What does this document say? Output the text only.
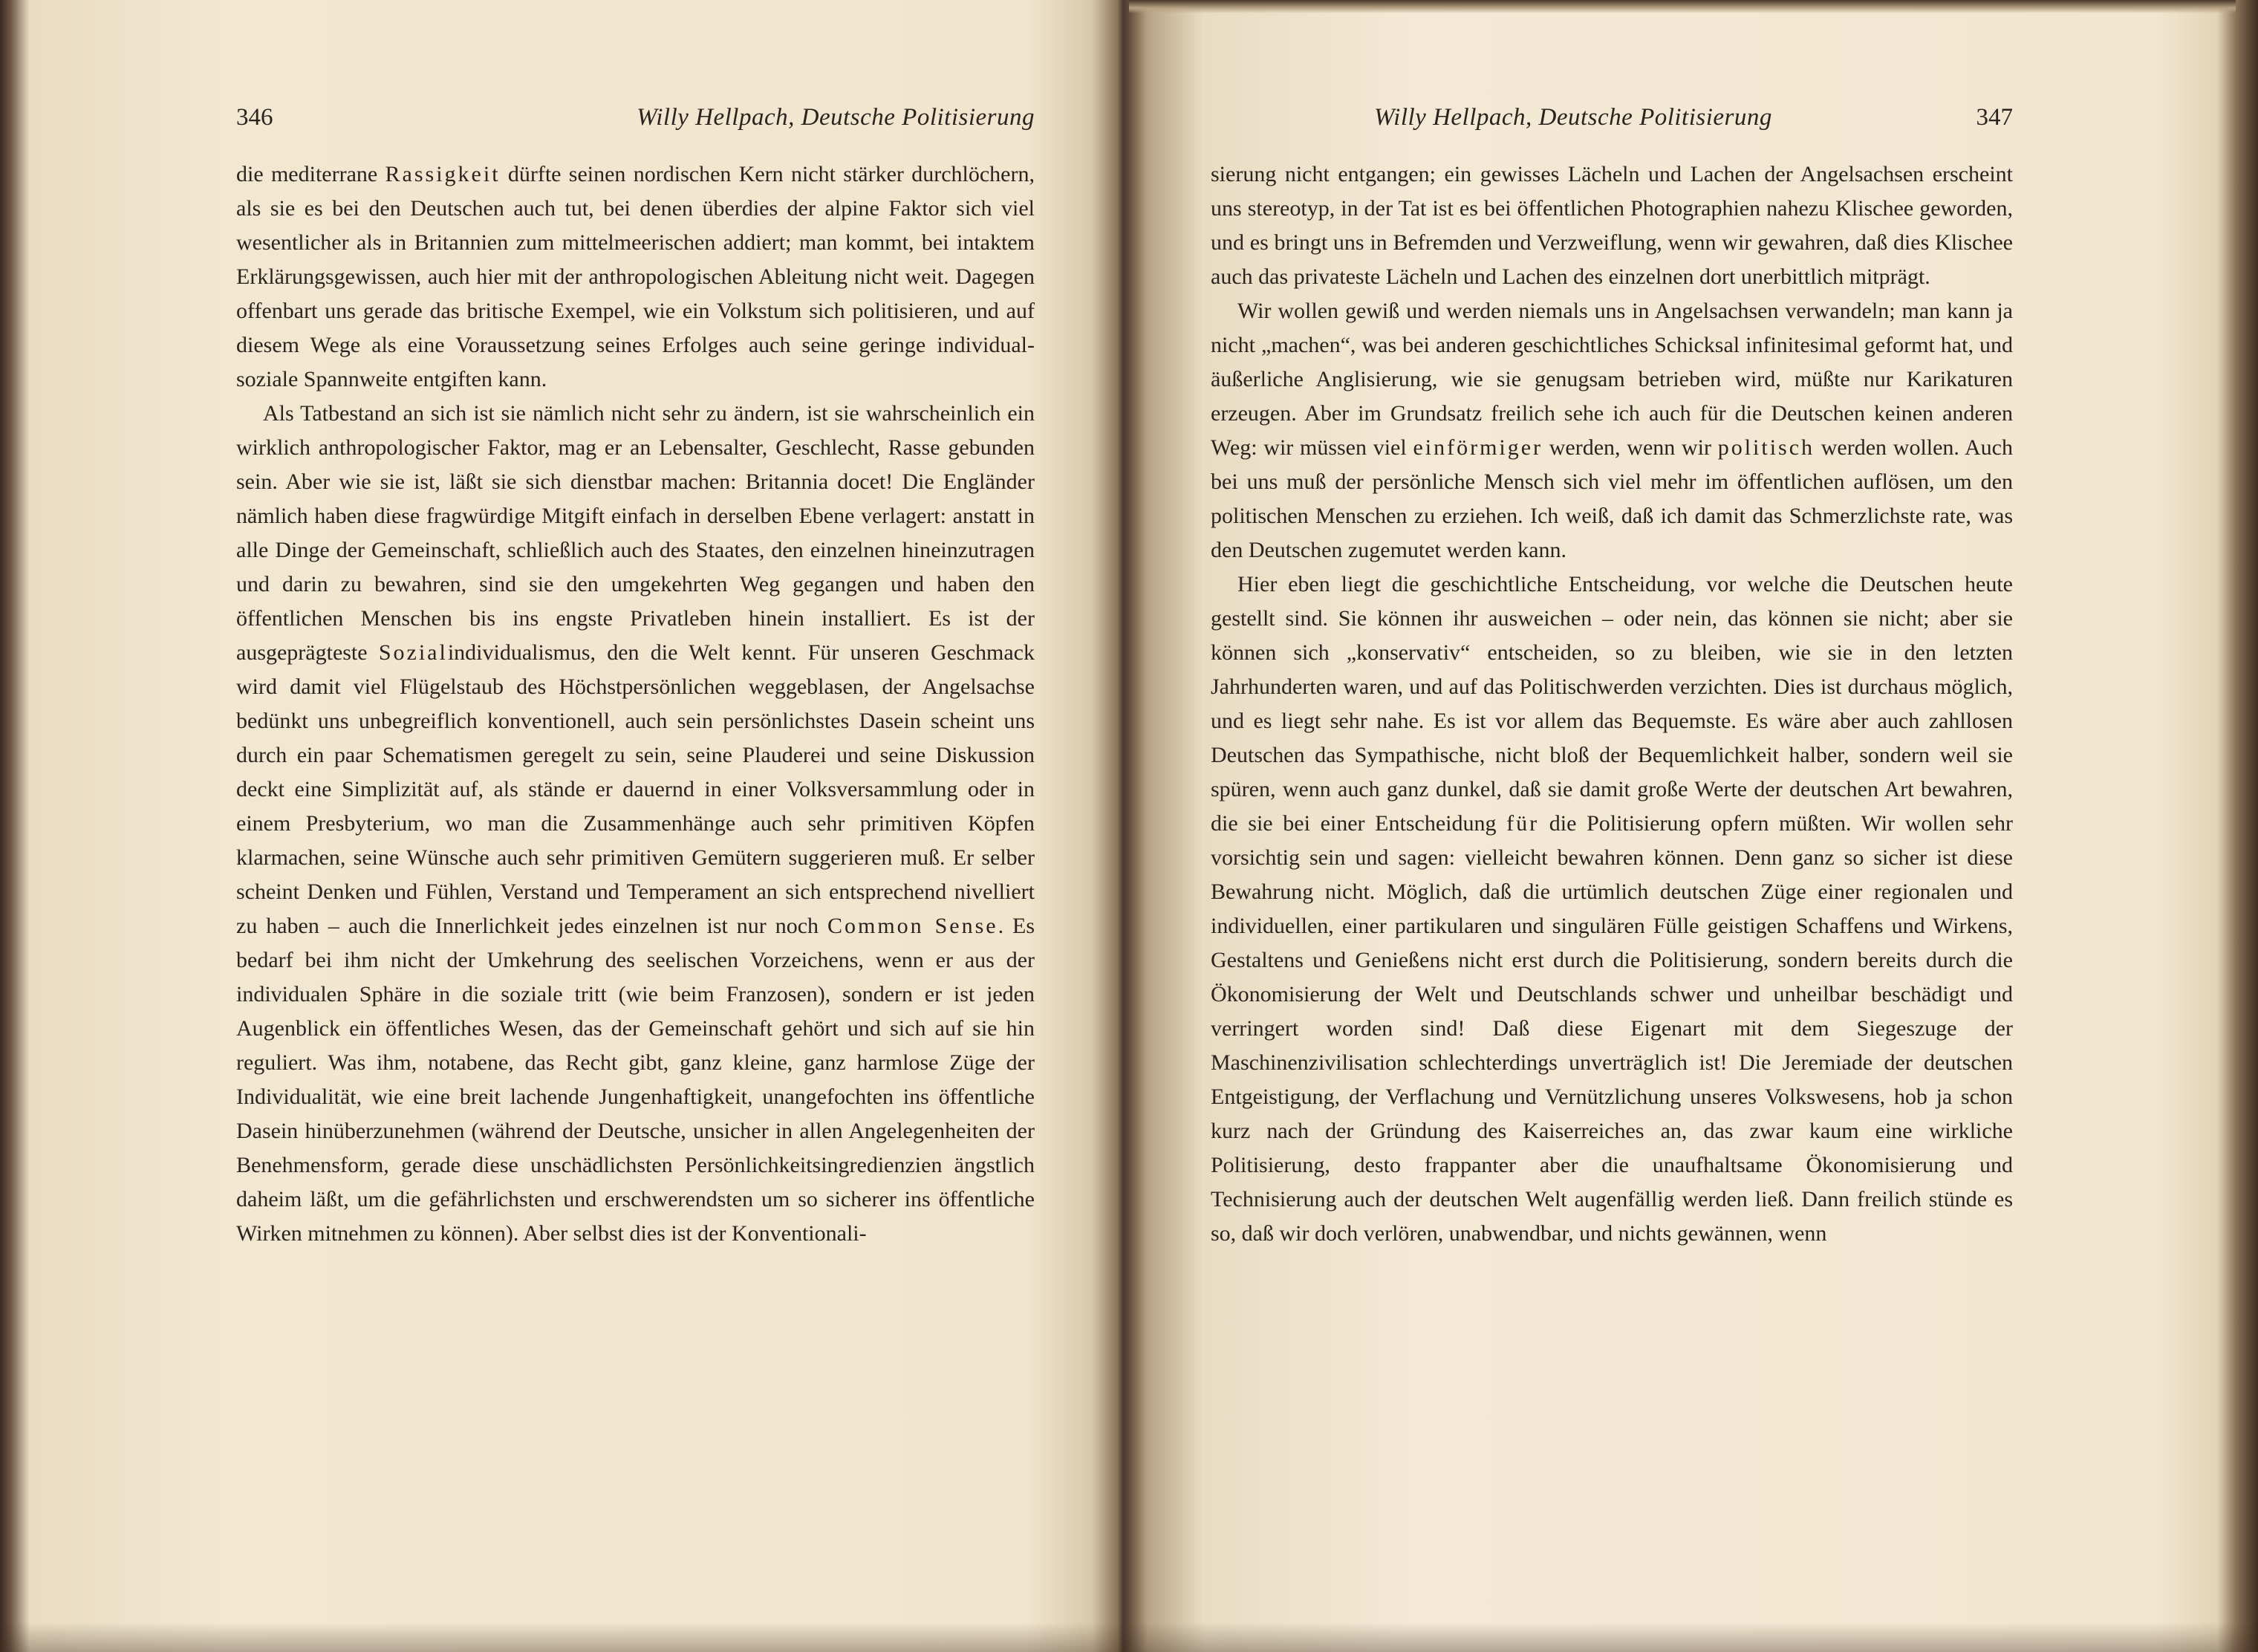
346	Willy Hellpach, Deutsche Politisierung

die mediterrane Rassigkeit dürfte seinen nordischen Kern nicht stärker durchlöchern, als sie es bei den Deutschen auch tut, bei denen überdies der alpine Faktor sich viel wesentlicher als in Britannien zum mittelmeerischen addiert; man kommt, bei intaktem Erklärungsgewissen, auch hier mit der anthropologischen Ableitung nicht weit. Dagegen offenbart uns gerade das britische Exempel, wie ein Volkstum sich politisieren, und auf diesem Wege als eine Voraussetzung seines Erfolges auch seine geringe individual-soziale Spannweite entgiften kann.

Als Tatbestand an sich ist sie nämlich nicht sehr zu ändern, ist sie wahrscheinlich ein wirklich anthropologischer Faktor, mag er an Lebensalter, Geschlecht, Rasse gebunden sein. Aber wie sie ist, läßt sie sich dienstbar machen: Britannia docet! Die Engländer nämlich haben diese fragwürdige Mitgift einfach in derselben Ebene verlagert: anstatt in alle Dinge der Gemeinschaft, schließlich auch des Staates, den einzelnen hineinzutragen und darin zu bewahren, sind sie den umgekehrten Weg gegangen und haben den öffentlichen Menschen bis ins engste Privatleben hinein installiert. Es ist der ausgeprägteste Sozialindividualismus, den die Welt kennt. Für unseren Geschmack wird damit viel Flügelstaub des Höchstpersönlichen weggeblasen, der Angelsachse bedünkt uns unbegreiflich konventionell, auch sein persönlichstes Dasein scheint uns durch ein paar Schematismen geregelt zu sein, seine Plauderei und seine Diskussion deckt eine Simplizität auf, als stände er dauernd in einer Volksversammlung oder in einem Presbyterium, wo man die Zusammenhänge auch sehr primitiven Köpfen klarmachen, seine Wünsche auch sehr primitiven Gemütern suggerieren muß. Er selber scheint Denken und Fühlen, Verstand und Temperament an sich entsprechend nivelliert zu haben – auch die Innerlichkeit jedes einzelnen ist nur noch Common Sense. Es bedarf bei ihm nicht der Umkehrung des seelischen Vorzeichens, wenn er aus der individualen Sphäre in die soziale tritt (wie beim Franzosen), sondern er ist jeden Augenblick ein öffentliches Wesen, das der Gemeinschaft gehört und sich auf sie hin reguliert. Was ihm, notabene, das Recht gibt, ganz kleine, ganz harmlose Züge der Individualität, wie eine breit lachende Jungenhaftigkeit, unangefochten ins öffentliche Dasein hinüberzunehmen (während der Deutsche, unsicher in allen Angelegenheiten der Benehmensform, gerade diese unschädlichsten Persönlichkeitsingredienzien ängstlich daheim läßt, um die gefährlichsten und erschwerendsten um so sicherer ins öffentliche Wirken mitnehmen zu können). Aber selbst dies ist der Konventionali-

Willy Hellpach, Deutsche Politisierung	347

sierung nicht entgangen; ein gewisses Lächeln und Lachen der Angelsachsen erscheint uns stereotyp, in der Tat ist es bei öffentlichen Photographien nahezu Klischee geworden, und es bringt uns in Befremden und Verzweiflung, wenn wir gewahren, daß dies Klischee auch das privateste Lächeln und Lachen des einzelnen dort unerbittlich mitprägt.

Wir wollen gewiß und werden niemals uns in Angelsachsen verwandeln; man kann ja nicht „machen“, was bei anderen geschichtliches Schicksal infinitesimal geformt hat, und äußerliche Anglisierung, wie sie genugsam betrieben wird, müßte nur Karikaturen erzeugen. Aber im Grundsatz freilich sehe ich auch für die Deutschen keinen anderen Weg: wir müssen viel einförmiger werden, wenn wir politisch werden wollen. Auch bei uns muß der persönliche Mensch sich viel mehr im öffentlichen auflösen, um den politischen Menschen zu erziehen. Ich weiß, daß ich damit das Schmerzlichste rate, was den Deutschen zugemutet werden kann.

Hier eben liegt die geschichtliche Entscheidung, vor welche die Deutschen heute gestellt sind. Sie können ihr ausweichen – oder nein, das können sie nicht; aber sie können sich „konservativ“ entscheiden, so zu bleiben, wie sie in den letzten Jahrhunderten waren, und auf das Politischwerden verzichten. Dies ist durchaus möglich, und es liegt sehr nahe. Es ist vor allem das Bequemste. Es wäre aber auch zahllosen Deutschen das Sympathische, nicht bloß der Bequemlichkeit halber, sondern weil sie spüren, wenn auch ganz dunkel, daß sie damit große Werte der deutschen Art bewahren, die sie bei einer Entscheidung für die Politisierung opfern müßten. Wir wollen sehr vorsichtig sein und sagen: vielleicht bewahren können. Denn ganz so sicher ist diese Bewahrung nicht. Möglich, daß die urtümlich deutschen Züge einer regionalen und individuellen, einer partikularen und singulären Fülle geistigen Schaffens und Wirkens, Gestaltens und Genießens nicht erst durch die Politisierung, sondern bereits durch die Ökonomisierung der Welt und Deutschlands schwer und unheilbar beschädigt und verringert worden sind! Daß diese Eigenart mit dem Siegeszuge der Maschinenzivilisation schlechterdings unverträglich ist! Die Jeremiade der deutschen Entgeistigung, der Verflachung und Vernützlichung unseres Volkswesens, hob ja schon kurz nach der Gründung des Kaiserreiches an, das zwar kaum eine wirkliche Politisierung, desto frappanter aber die unaufhaltsame Ökonomisierung und Technisierung auch der deutschen Welt augenfällig werden ließ. Dann freilich stünde es so, daß wir doch verlören, unabwendbar, und nichts gewännen, wenn
